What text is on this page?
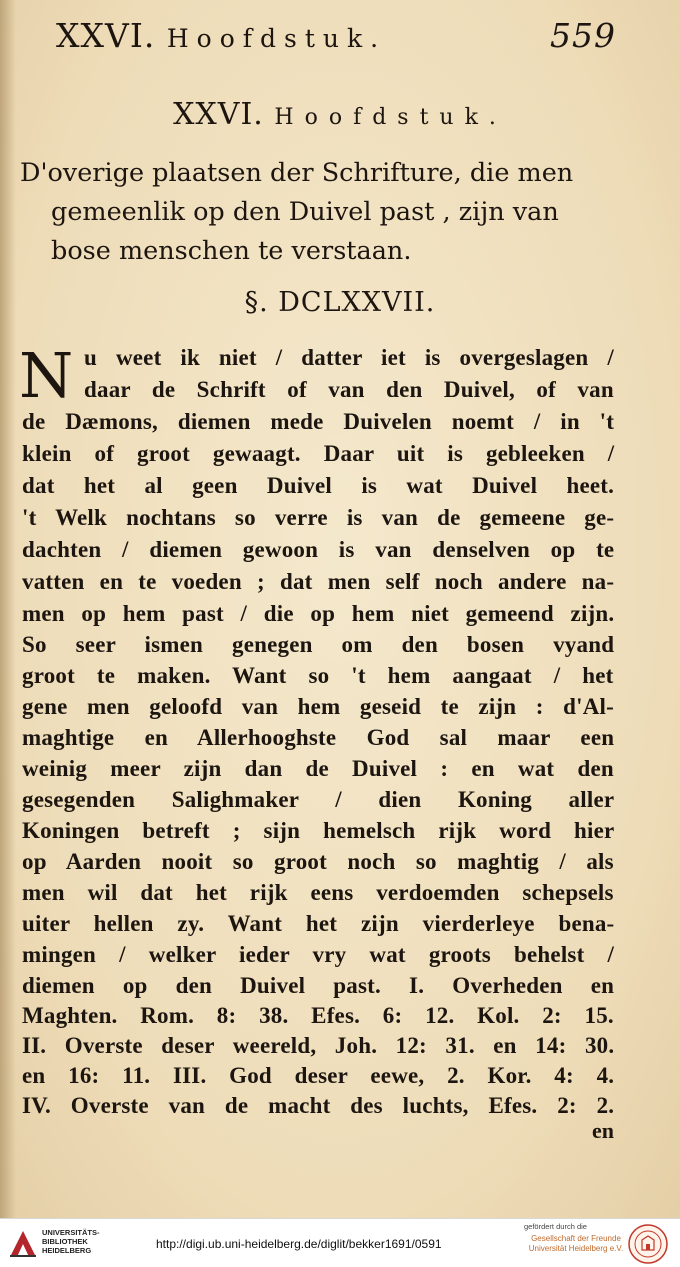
XXVI. Hoofdstuk.	559
XXVI. Hoofdstuk.
D'overige plaatsen der Schrifture, die men
gemeenlik op den Duivel past , zijn van
bose menschen te verstaan.
§. DCLXXVII.
N u weet ik niet / datter iet is overgeslagen /
daar de Schrift of van den Duivel, of van
de Dæmons, diemen mede Duivelen noemt / in 't
klein of groot gewaagt. Daar uit is gebleeken /
dat het al geen Duivel is wat Duivel heet.
't Welk nochtans so verre is van de gemeene ge-
dachten / diemen gewoon is van denselven op te
vatten en te voeden ; dat men self noch andere na-
men op hem past / die op hem niet gemeend zijn.
So seer ismen genegen om den bosen vyand
groot te maken. Want so 't hem aangaat / het
gene men geloofd van hem geseid te zijn : d'Al-
maghtige en Allerhooghste God sal maar een
weinig meer zijn dan de Duivel : en wat den
gesegenden Salighmaker / dien Koning aller
Koningen betreft ; sijn hemelsch rijk word hier
op Aarden nooit so groot noch so maghtig / als
men wil dat het rijk eens verdoemden schepsels
uiter hellen zy. Want het zijn vierderleye bena-
mingen / welker ieder vry wat groots behelst /
diemen op den Duivel past. I. Overheden en
Maghten. Rom. 8: 38. Efes. 6: 12. Kol. 2: 15.
II. Overste deser weereld, Joh. 12: 31. en 14: 30.
en 16: 11. III. God deser eewe, 2. Kor. 4: 4.
IV. Overste van de macht des luchts, Efes. 2: 2.
en
UNIVERSITÄTS-
BIBLIOTHEK
HEIDELBERG	http://digi.ub.uni-heidelberg.de/diglit/bekker1691/0591
gefördert durch die
Gesellschaft der Freunde
Universität Heidelberg e.V.
